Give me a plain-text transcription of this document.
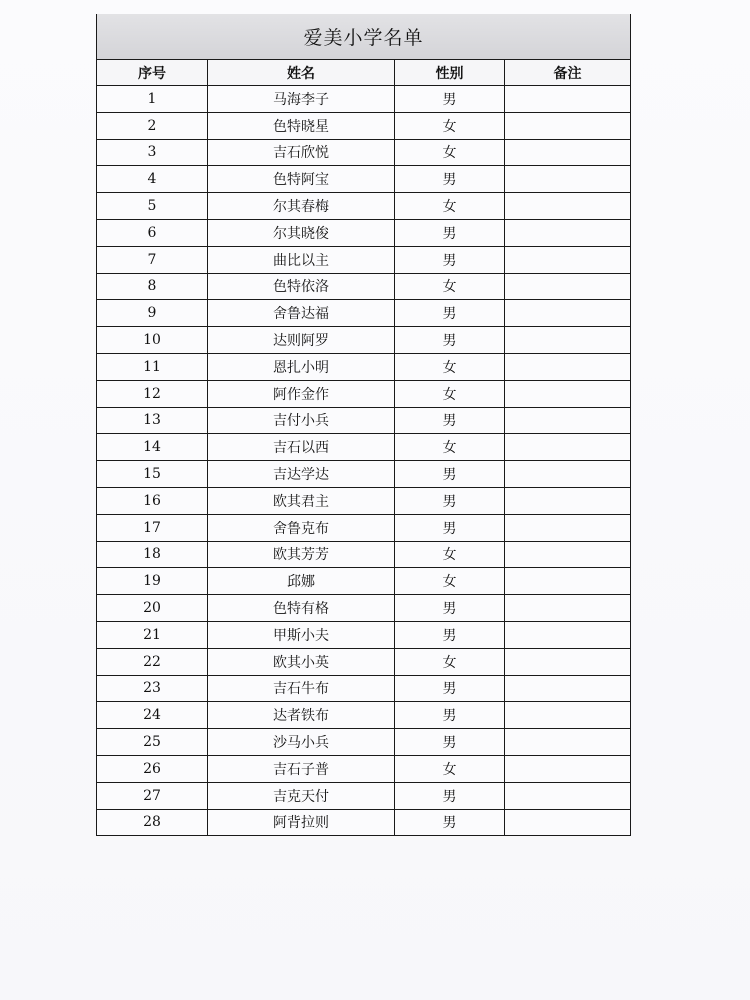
爱美小学名单			
序号	姓名	性别	备注
1	马海李子	男	
2	色特晓星	女	
3	吉石欣悦	女	
4	色特阿宝	男	
5	尔其春梅	女	
6	尔其晓俊	男	
7	曲比以主	男	
8	色特依洛	女	
9	舍鲁达福	男	
10	达则阿罗	男	
11	恩扎小明	女	
12	阿作金作	女	
13	吉付小兵	男	
14	吉石以西	女	
15	吉达学达	男	
16	欧其君主	男	
17	舍鲁克布	男	
18	欧其芳芳	女	
19	邱娜	女	
20	色特有格	男	
21	甲斯小夫	男	
22	欧其小英	女	
23	吉石牛布	男	
24	达者铁布	男	
25	沙马小兵	男	
26	吉石子普	女	
27	吉克天付	男	
28	阿背拉则	男	
